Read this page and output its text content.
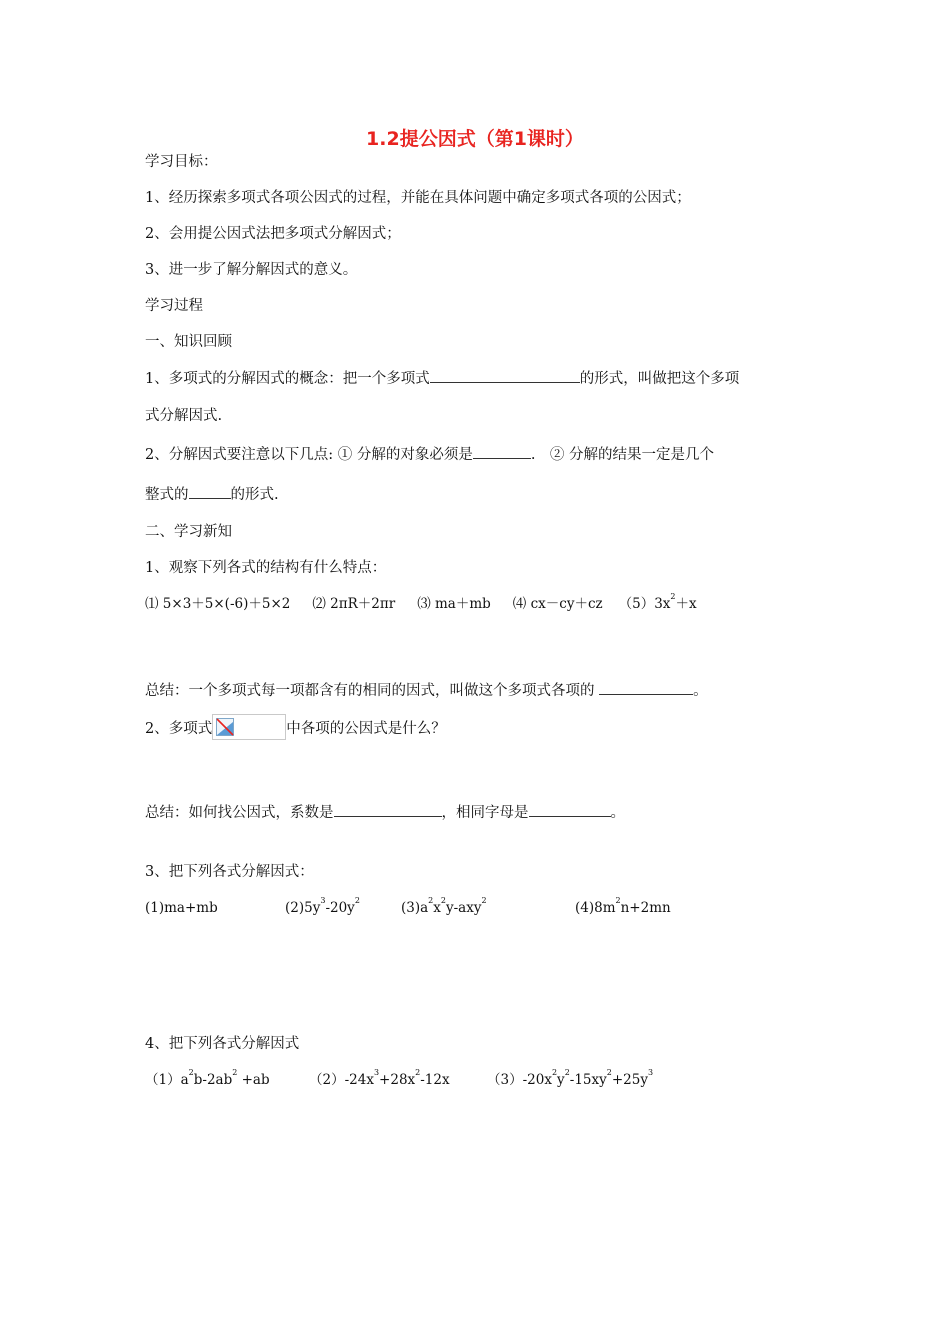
1.2提公因式（第1课时）
学习目标：
1、经历探索多项式各项公因式的过程，并能在具体问题中确定多项式各项的公因式；
2、会用提公因式法把多项式分解因式；
3、进一步了解分解因式的意义。
学习过程
一、知识回顾
1、多项式的分解因式的概念：把一个多项式	的形式，叫做把这个多项
式分解因式.
2、分解因式要注意以下几点: ① 分解的对象必须是	.　② 分解的结果一定是几个
整式的	的形式.
二、学习新知
1、观察下列各式的结构有什么特点：
⑴ 5×3＋5×(-6)＋5×2 ⑵ 2πR＋2πr ⑶ ma＋mb ⑷ cx－cy＋cz $(5)3x^2+x$
总结：一个多项式每一项都含有的相同的因式，叫做这个多项式各项的	。
2、多项式	中各项的公因式是什么？
总结：如何找公因式，系数是	，相同字母是	。
3、把下列各式分解因式：
(1)ma+mb	$(2)5y^3-20y^2$	$(3)a^2x^2y-axy^2$	$(4)8m^2n+2mn$
4、把下列各式分解因式
$(1)a^2b-2ab^2 +ab$	$(2)-24x^3+28x^2-12x$	$(3)-20x^2y^2-15xy^2+25y^3$
